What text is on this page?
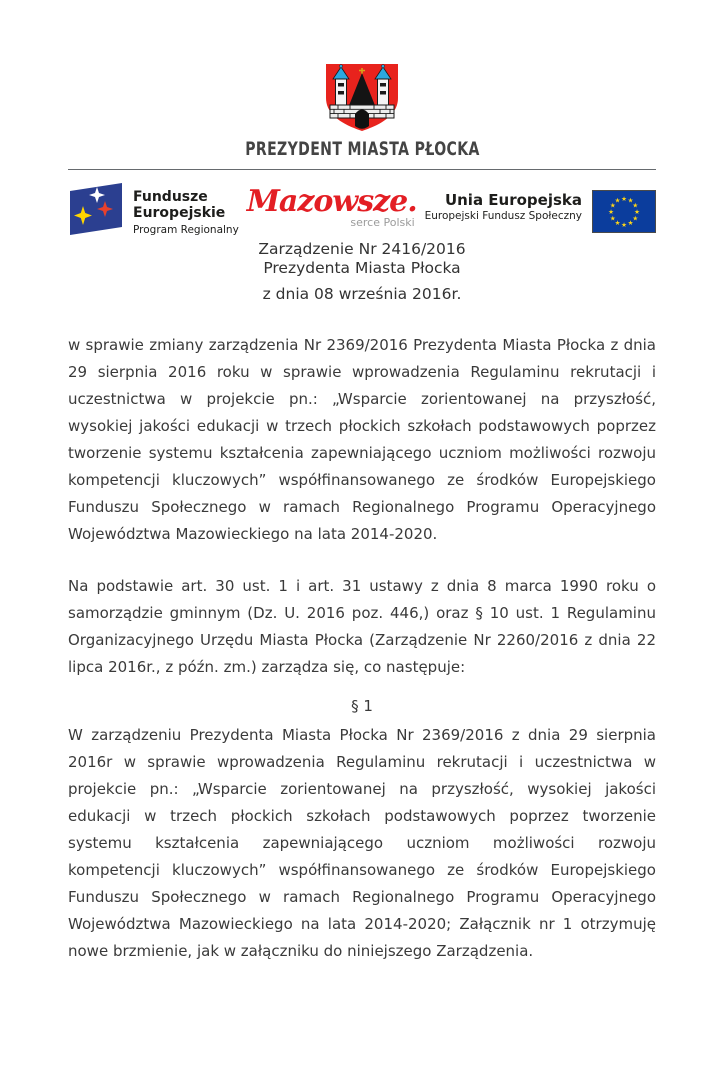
PREZYDENT MIASTA PŁOCKA
Fundusze
Europejskie
Program Regionalny
Mazowsze.
serce Polski
Unia Europejska
Europejski Fundusz Społeczny
★ ★
★
★
★
★
★
★
★
★
★
★
Zarządzenie Nr 2416/2016
Prezydenta Miasta Płocka
z dnia 08 września 2016r.

w sprawie zmiany zarządzenia Nr 2369/2016 Prezydenta Miasta Płocka z dnia 29 sierpnia 2016 roku w sprawie wprowadzenia Regulaminu rekrutacji i uczestnictwa w projekcie pn.: „Wsparcie zorientowanej na przyszłość, wysokiej jakości edukacji w trzech płockich szkołach podstawowych poprzez tworzenie systemu kształcenia zapewniającego uczniom możliwości rozwoju kompetencji kluczowych” współfinansowanego ze środków Europejskiego Funduszu Społecznego w ramach Regionalnego Programu Operacyjnego Województwa Mazowieckiego na lata 2014-2020.

Na podstawie art. 30 ust. 1 i art. 31 ustawy z dnia 8 marca 1990 roku o samorządzie gminnym (Dz. U. 2016 poz. 446,) oraz § 10 ust. 1 Regulaminu Organizacyjnego Urzędu Miasta Płocka (Zarządzenie Nr 2260/2016 z dnia 22 lipca 2016r., z późn. zm.) zarządza się, co następuje:

§ 1

W zarządzeniu Prezydenta Miasta Płocka Nr 2369/2016 z dnia 29 sierpnia 2016r w sprawie wprowadzenia Regulaminu rekrutacji i uczestnictwa w projekcie pn.: „Wsparcie zorientowanej na przyszłość, wysokiej jakości edukacji w trzech płockich szkołach podstawowych poprzez tworzenie systemu kształcenia zapewniającego uczniom możliwości rozwoju kompetencji kluczowych” współfinansowanego ze środków Europejskiego Funduszu Społecznego w ramach Regionalnego Programu Operacyjnego Województwa Mazowieckiego na lata 2014-2020; Załącznik nr 1 otrzymuję nowe brzmienie, jak w załączniku do niniejszego Zarządzenia.
